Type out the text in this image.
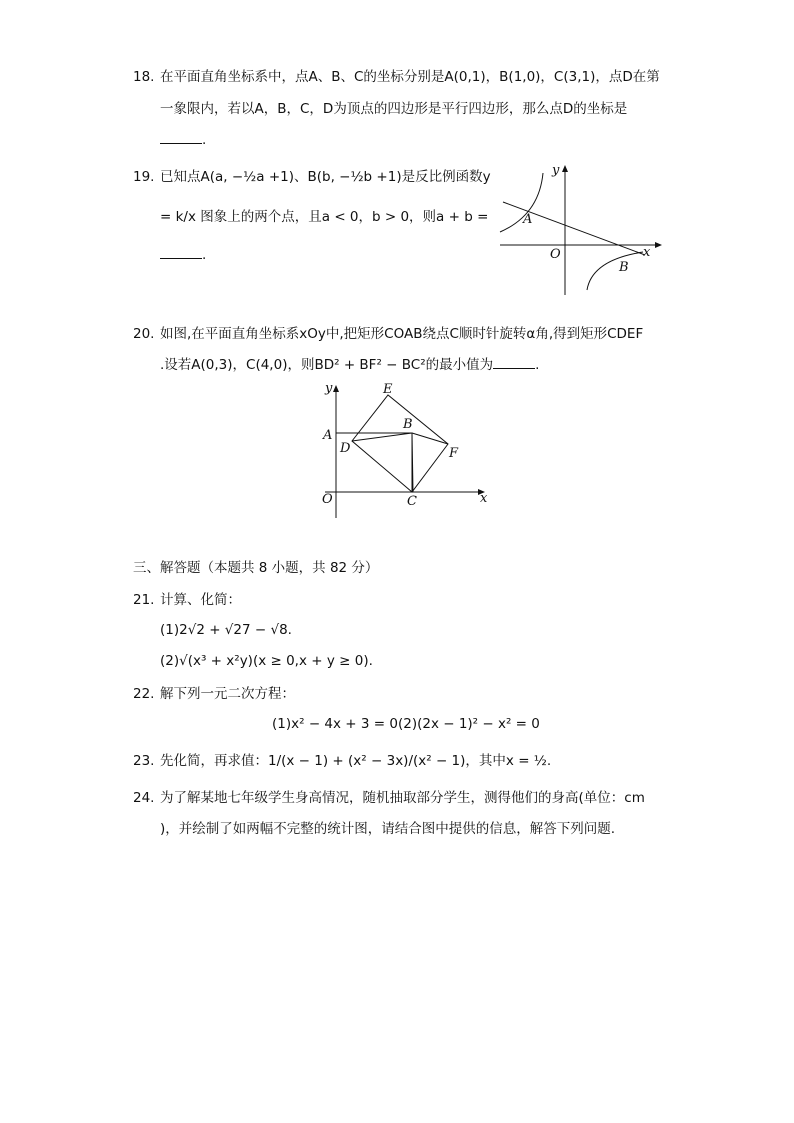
18. 在平面直角坐标系中，点A、B、C的坐标分别是A(0,1)，B(1,0)，C(3,1)，点D在第
一象限内，若以A，B，C，D为顶点的四边形是平行四边形，那么点D的坐标是
.
19. 已知点A(a, −½a +1)、B(b, −½b +1)是反比例函数y
= k/x 图象上的两个点，且a < 0，b > 0，则a + b =
.
y
x
O
A
B
20. 如图,在平面直角坐标系xOy中,把矩形COAB绕点C顺时针旋转α角,得到矩形CDEF
.设若A(0,3)，C(4,0)，则BD² + BF² − BC²的最小值为	.
y
x
O
A
B
C
D
E
F
三、解答题（本题共 8 小题，共 82 分）
21. 计算、化简：
(1)2√2 + √27 − √8.
(2)√(x³ + x²y)(x ≥ 0,x + y ≥ 0).
22. 解下列一元二次方程：
(1)x² − 4x + 3 = 0(2)(2x − 1)² − x² = 0
23. 先化简，再求值：1/(x − 1) + (x² − 3x)/(x² − 1)，其中x = ½.
24. 为了解某地七年级学生身高情况，随机抽取部分学生，测得他们的身高(单位：cm
)，并绘制了如两幅不完整的统计图，请结合图中提供的信息，解答下列问题.
